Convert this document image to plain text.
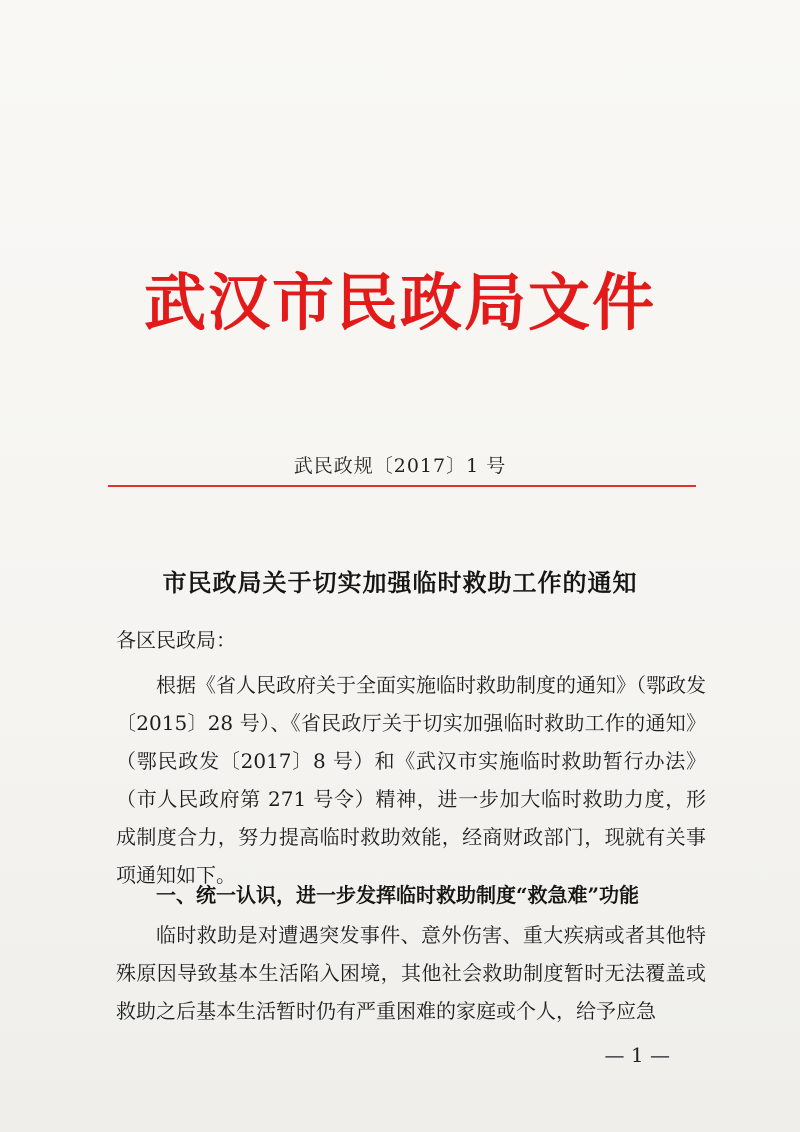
武汉市民政局文件
武民政规〔2017〕1 号
市民政局关于切实加强临时救助工作的通知
各区民政局：

根据《省人民政府关于全面实施临时救助制度的通知》（鄂政发〔2015〕28 号）、《省民政厅关于切实加强临时救助工作的通知》（鄂民政发〔2017〕8 号）和《武汉市实施临时救助暂行办法》（市人民政府第 271 号令）精神，进一步加大临时救助力度，形成制度合力，努力提高临时救助效能，经商财政部门，现就有关事项通知如下。

一、统一认识，进一步发挥临时救助制度“救急难”功能

临时救助是对遭遇突发事件、意外伤害、重大疾病或者其他特殊原因导致基本生活陷入困境，其他社会救助制度暂时无法覆盖或救助之后基本生活暂时仍有严重困难的家庭或个人，给予应急

— 1 —
